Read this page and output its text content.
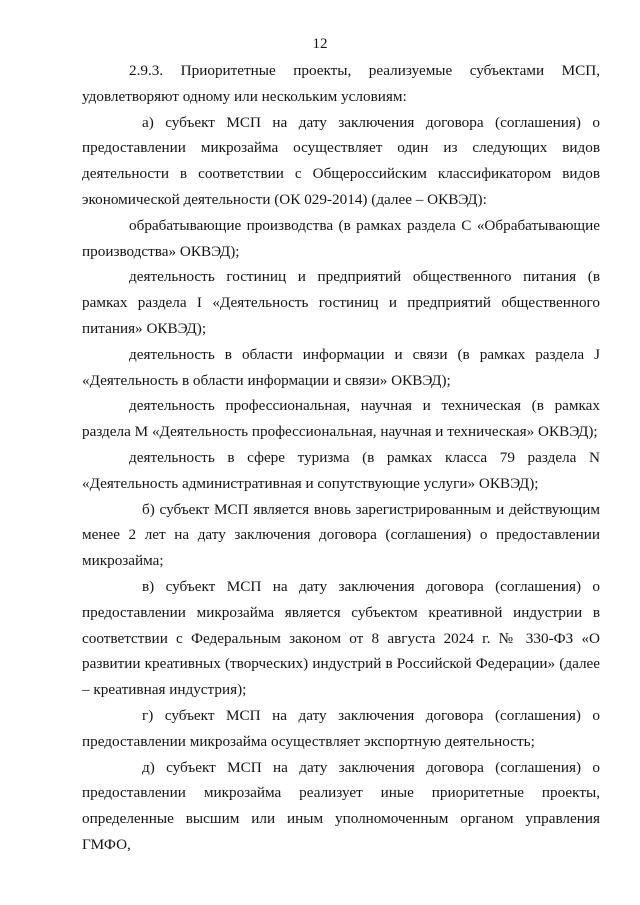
12

2.9.3. Приоритетные проекты, реализуемые субъектами МСП, удовлетворяют одному или нескольким условиям:

а) субъект МСП на дату заключения договора (соглашения) о предоставлении микрозайма осуществляет один из следующих видов деятельности в соответствии с Общероссийским классификатором видов экономической деятельности (ОК 029-2014) (далее – ОКВЭД):

обрабатывающие производства (в рамках раздела C «Обрабатывающие производства» ОКВЭД);

деятельность гостиниц и предприятий общественного питания (в рамках раздела I «Деятельность гостиниц и предприятий общественного питания» ОКВЭД);

деятельность в области информации и связи (в рамках раздела J «Деятельность в области информации и связи» ОКВЭД);

деятельность профессиональная, научная и техническая (в рамках раздела M «Деятельность профессиональная, научная и техническая» ОКВЭД);

деятельность в сфере туризма (в рамках класса 79 раздела N «Деятельность административная и сопутствующие услуги» ОКВЭД);

б) субъект МСП является вновь зарегистрированным и действующим менее 2 лет на дату заключения договора (соглашения) о предоставлении микрозайма;

в) субъект МСП на дату заключения договора (соглашения) о предоставлении микрозайма является субъектом креативной индустрии в соответствии с Федеральным законом от 8 августа 2024 г. № 330-ФЗ «О развитии креативных (творческих) индустрий в Российской Федерации» (далее – креативная индустрия);

г) субъект МСП на дату заключения договора (соглашения) о предоставлении микрозайма осуществляет экспортную деятельность;

д) субъект МСП на дату заключения договора (соглашения) о предоставлении микрозайма реализует иные приоритетные проекты, определенные высшим или иным уполномоченным органом управления ГМФО,
